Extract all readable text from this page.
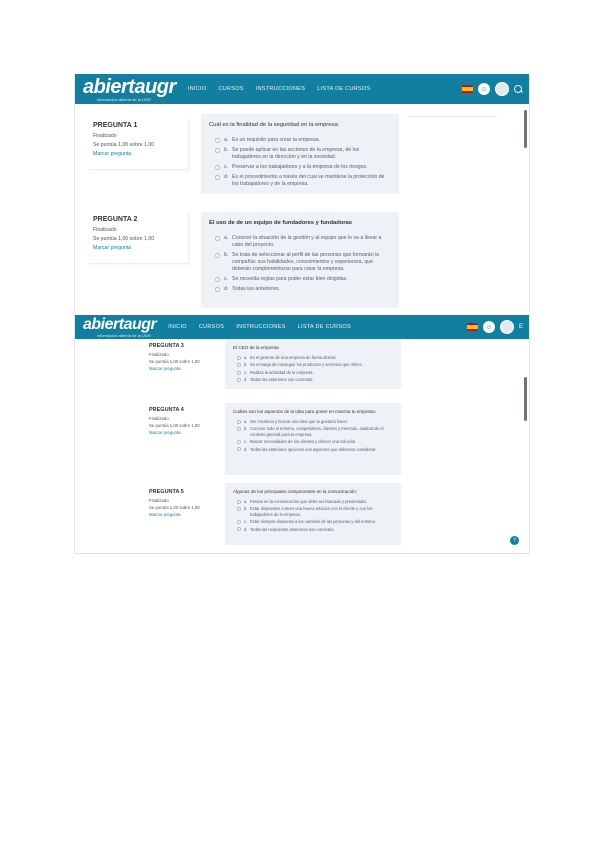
abiertaugr
información abierta de la UGR
INICIO CURSOS INSTRUCCIONES LISTA DE CURSOS	☺
PREGUNTA 1
Finalizado
Se puntúa 1,00 sobre 1,00
Marcar pregunta
Cuál es la finalidad de la seguridad en la empresa:
a. Es un requisito para crear la empresa.
b. Se puede aplicar en las acciones de la empresa, de los trabajadores en la dirección y en la sociedad.
c. Preservar a los trabajadores y a la empresa de los riesgos.
d. Es el procedimiento a través del cual se mantiene la protección de los trabajadores y de la empresa.
PREGUNTA 2
Finalizado
Se puntúa 1,00 sobre 1,00
Marcar pregunta
El uso de de un equipo de fundadores y fundadoras
a. Conocer la situación de la gestión y al equipo que lo va a llevar a cabo del proyecto.
b. Se trata de seleccionar al perfil de las personas que formarán la compañía: sus habilidades, conocimientos y experiencia, que deberán complementarse para crear la empresa.
c. Se necesita reglas para poder estar bien dirigidas.
d. Todas las anteriores.
abiertaugr
información abierta de la UGR
INICIO CURSOS INSTRUCCIONES LISTA DE CURSOS	☺	E
PREGUNTA 3
Finalizado
Se puntúa 1,00 sobre 1,00
Marcar pregunta
El CEO de la empresa
a. Es el gerente de una empresa de forma directa.
b. Se encarga de conseguir los productos y servicios que ofrece.
c. Realiza la actividad de la empresa.
d. Todas las anteriores son correctas.
PREGUNTA 4
Finalizado
Se puntúa 1,00 sobre 1,00
Marcar pregunta
Cuáles son los aspectos de la idea para poner en marcha tu empresa:
a. Ser creativos y buscar una idea que te gustaría hacer.
b. Conocer todo el entorno, competidores, clientes y mercado, analizando el contexto general para tu empresa.
c. Buscar necesidades de los clientes y ofrecer una solución.
d. Todas las anteriores opciones son aspectos que debemos considerar.
PREGUNTA 5
Finalizado
Se puntúa 1,00 sobre 1,00
Marcar pregunta
Algunos de los principales componentes en la comunicación:
a. Pensar en la comunicación que debe ser buscada y presentada.
b. Estar dispuestos a tener una buena relación con el cliente y con los trabajadores de la empresa.
c. Estar siempre dispuesto a los cambios de las personas y del entorno.
d. Todas las respuestas anteriores son correctas.
?
